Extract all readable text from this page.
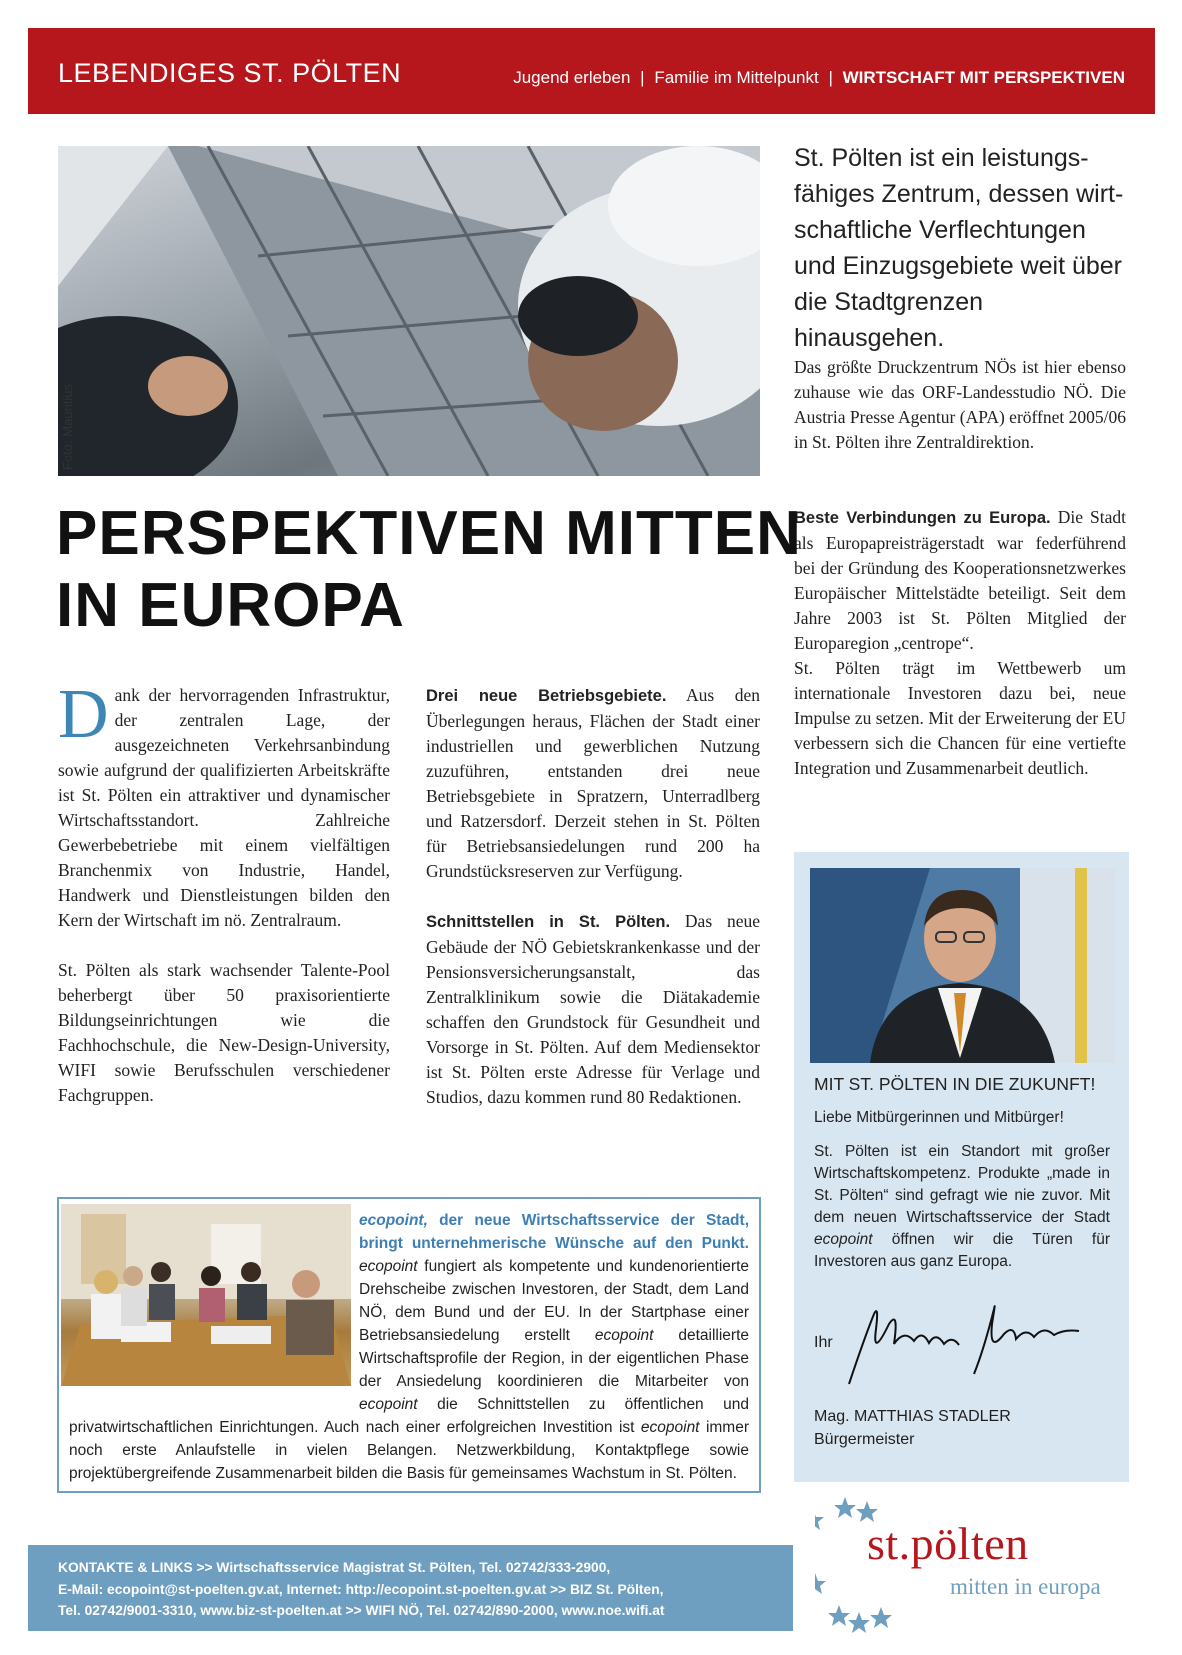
LEBENDIGES ST. PÖLTEN	Jugend erleben | Familie im Mittelpunkt | WIRTSCHAFT MIT PERSPEKTIVEN
Foto: Mauritius
St. Pölten ist ein leistungs-fähiges Zentrum, dessen wirt-schaftliche Verflechtungen und Einzugsgebiete weit über die Stadtgrenzen hinausgehen.

Das größte Druckzentrum NÖs ist hier ebenso zuhause wie das ORF-Landesstudio NÖ. Die Austria Presse Agentur (APA) eröffnet 2005/06 in St. Pölten ihre Zentraldirektion.

Beste Verbindungen zu Europa. Die Stadt als Europapreisträgerstadt war federführend bei der Gründung des Kooperationsnetzwerkes Europäischer Mittelstädte beteiligt. Seit dem Jahre 2003 ist St. Pölten Mitglied der Europaregion „centrope“.

St. Pölten trägt im Wettbewerb um internationale Investoren dazu bei, neue Impulse zu setzen. Mit der Erweiterung der EU verbessern sich die Chancen für eine vertiefte Integration und Zusammenarbeit deutlich.

PERSPEKTIVEN MITTEN
IN EUROPA

Dank der hervorragenden Infrastruktur, der zentralen Lage, der ausgezeichneten Verkehrsanbindung sowie aufgrund der qualifizierten Arbeitskräfte ist St. Pölten ein attraktiver und dynamischer Wirtschaftsstandort. Zahlreiche Gewerbebetriebe mit einem vielfältigen Branchenmix von Industrie, Handel, Handwerk und Dienstleistungen bilden den Kern der Wirtschaft im nö. Zentralraum.

St. Pölten als stark wachsender Talente-Pool beherbergt über 50 praxisorientierte Bildungseinrichtungen wie die Fachhochschule, die New-Design-University, WIFI sowie Berufsschulen verschiedener Fachgruppen.

Drei neue Betriebsgebiete. Aus den Überlegungen heraus, Flächen der Stadt einer industriellen und gewerblichen Nutzung zuzuführen, entstanden drei neue Betriebsgebiete in Spratzern, Unterradlberg und Ratzersdorf. Derzeit stehen in St. Pölten für Betriebsansiedelungen rund 200 ha Grundstücksreserven zur Verfügung.

Schnittstellen in St. Pölten. Das neue Gebäude der NÖ Gebietskrankenkasse und der Pensionsversicherungsanstalt, das Zentralklinikum sowie die Diätakademie schaffen den Grundstock für Gesundheit und Vorsorge in St. Pölten. Auf dem Mediensektor ist St. Pölten erste Adresse für Verlage und Studios, dazu kommen rund 80 Redaktionen.

ecopoint, der neue Wirtschaftsservice der Stadt, bringt unternehmerische Wünsche auf den Punkt. ecopoint fungiert als kompetente und kundenorientierte Drehscheibe zwischen Investoren, der Stadt, dem Land NÖ, dem Bund und der EU. In der Startphase einer Betriebsansiedelung erstellt ecopoint detaillierte Wirtschaftsprofile der Region, in der eigentlichen Phase der Ansiedelung koordinieren die Mitarbeiter von ecopoint die Schnittstellen zu öffentlichen und privatwirtschaftlichen Einrichtungen. Auch nach einer erfolgreichen Investition ist ecopoint immer noch erste Anlaufstelle in vielen Belangen. Netzwerkbildung, Kontaktpflege sowie projektübergreifende Zusammenarbeit bilden die Basis für gemeinsames Wachstum in St. Pölten.
MIT ST. PÖLTEN IN DIE ZUKUNFT!

Liebe Mitbürgerinnen und Mitbürger!

St. Pölten ist ein Standort mit großer Wirtschaftskompetenz. Produkte „made in St. Pölten“ sind gefragt wie nie zuvor. Mit dem neuen Wirtschaftsservice der Stadt ecopoint öffnen wir die Türen für Investoren aus ganz Europa.

Ihr
Mag. MATTHIAS STADLER
Bürgermeister
KONTAKTE & LINKS >> Wirtschaftsservice Magistrat St. Pölten, Tel. 02742/333-2900,
E-Mail: ecopoint@st-poelten.gv.at, Internet: http://ecopoint.st-poelten.gv.at >> BIZ St. Pölten,
Tel. 02742/9001-3310, www.biz-st-poelten.at >> WIFI NÖ, Tel. 02742/890-2000, www.noe.wifi.at
st.pölten
mitten in europa
